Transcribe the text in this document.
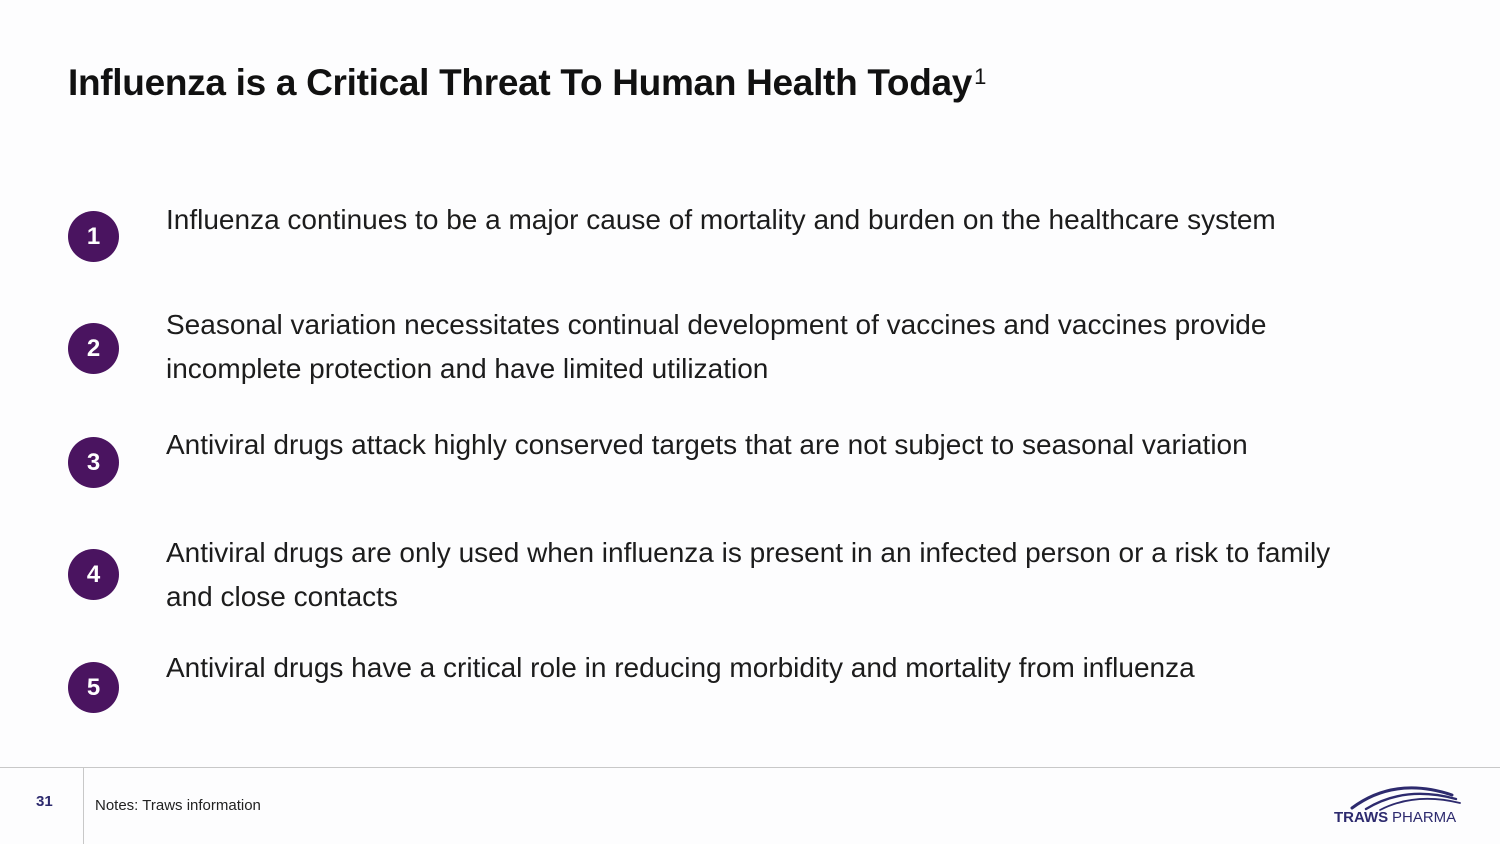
Influenza is a Critical Threat To Human Health Today$^1$
1
Influenza continues to be a major cause of mortality and burden on the healthcare system
2
Seasonal variation necessitates continual development of vaccines and vaccines provide incomplete protection and have limited utilization
3
Antiviral drugs attack highly conserved targets that are not subject to seasonal variation
4
Antiviral drugs are only used when influenza is present in an infected person or a risk to family and close contacts
5
Antiviral drugs have a critical role in reducing morbidity and mortality from influenza
31	Notes: Traws information
TRAWS PHARMA
